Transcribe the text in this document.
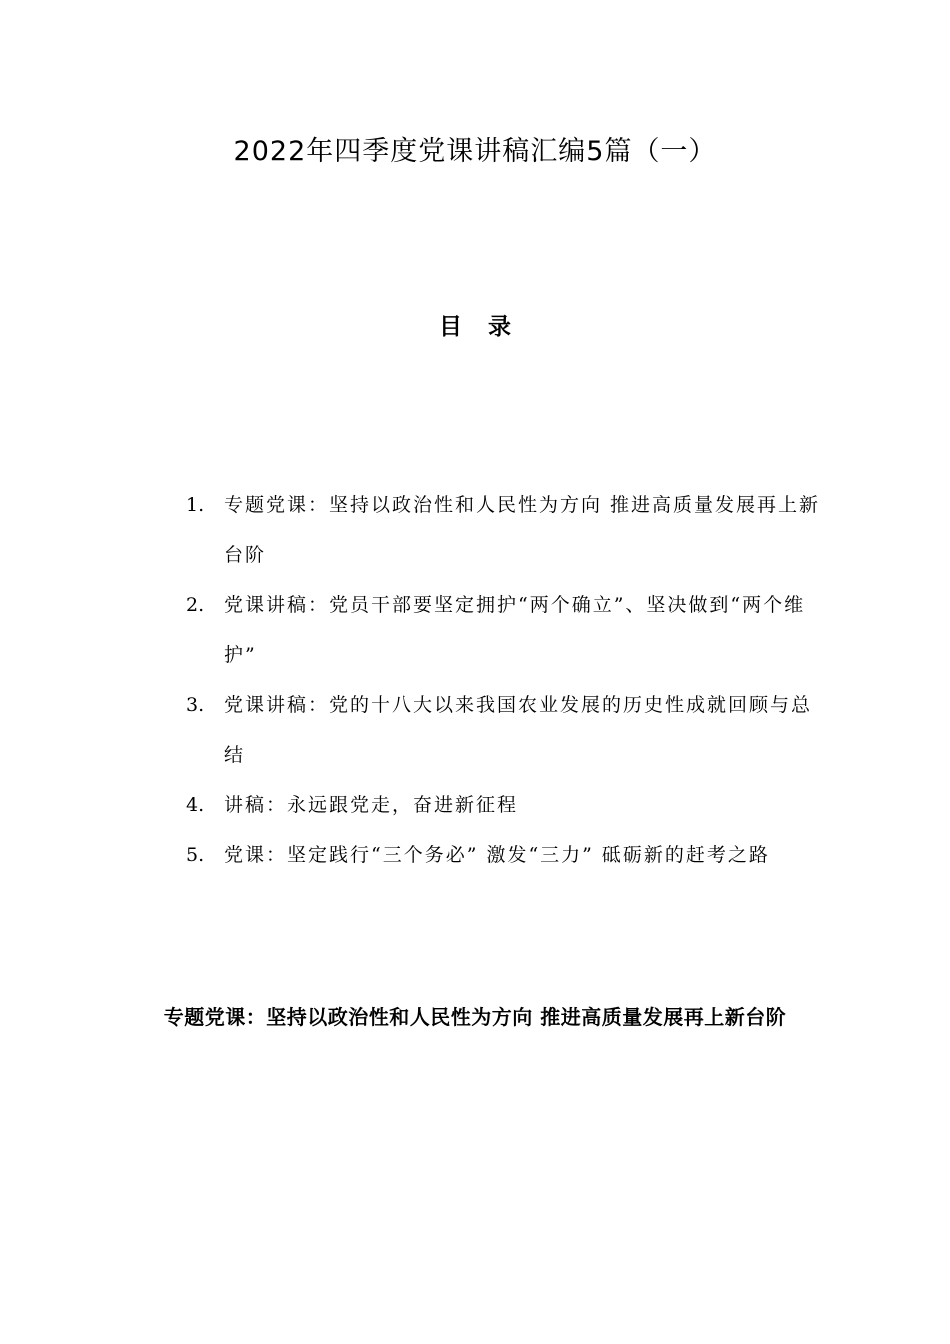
2022年四季度党课讲稿汇编5篇（一）
目 录
1. 专题党课：坚持以政治性和人民性为方向 推进高质量发展再上新台阶
2. 党课讲稿：党员干部要坚定拥护“两个确立”、坚决做到“两个维护”
3. 党课讲稿：党的十八大以来我国农业发展的历史性成就回顾与总结
4. 讲稿：永远跟党走，奋进新征程
5. 党课：坚定践行“三个务必” 激发“三力” 砥砺新的赶考之路
专题党课：坚持以政治性和人民性为方向 推进高质量发展再上新台阶
